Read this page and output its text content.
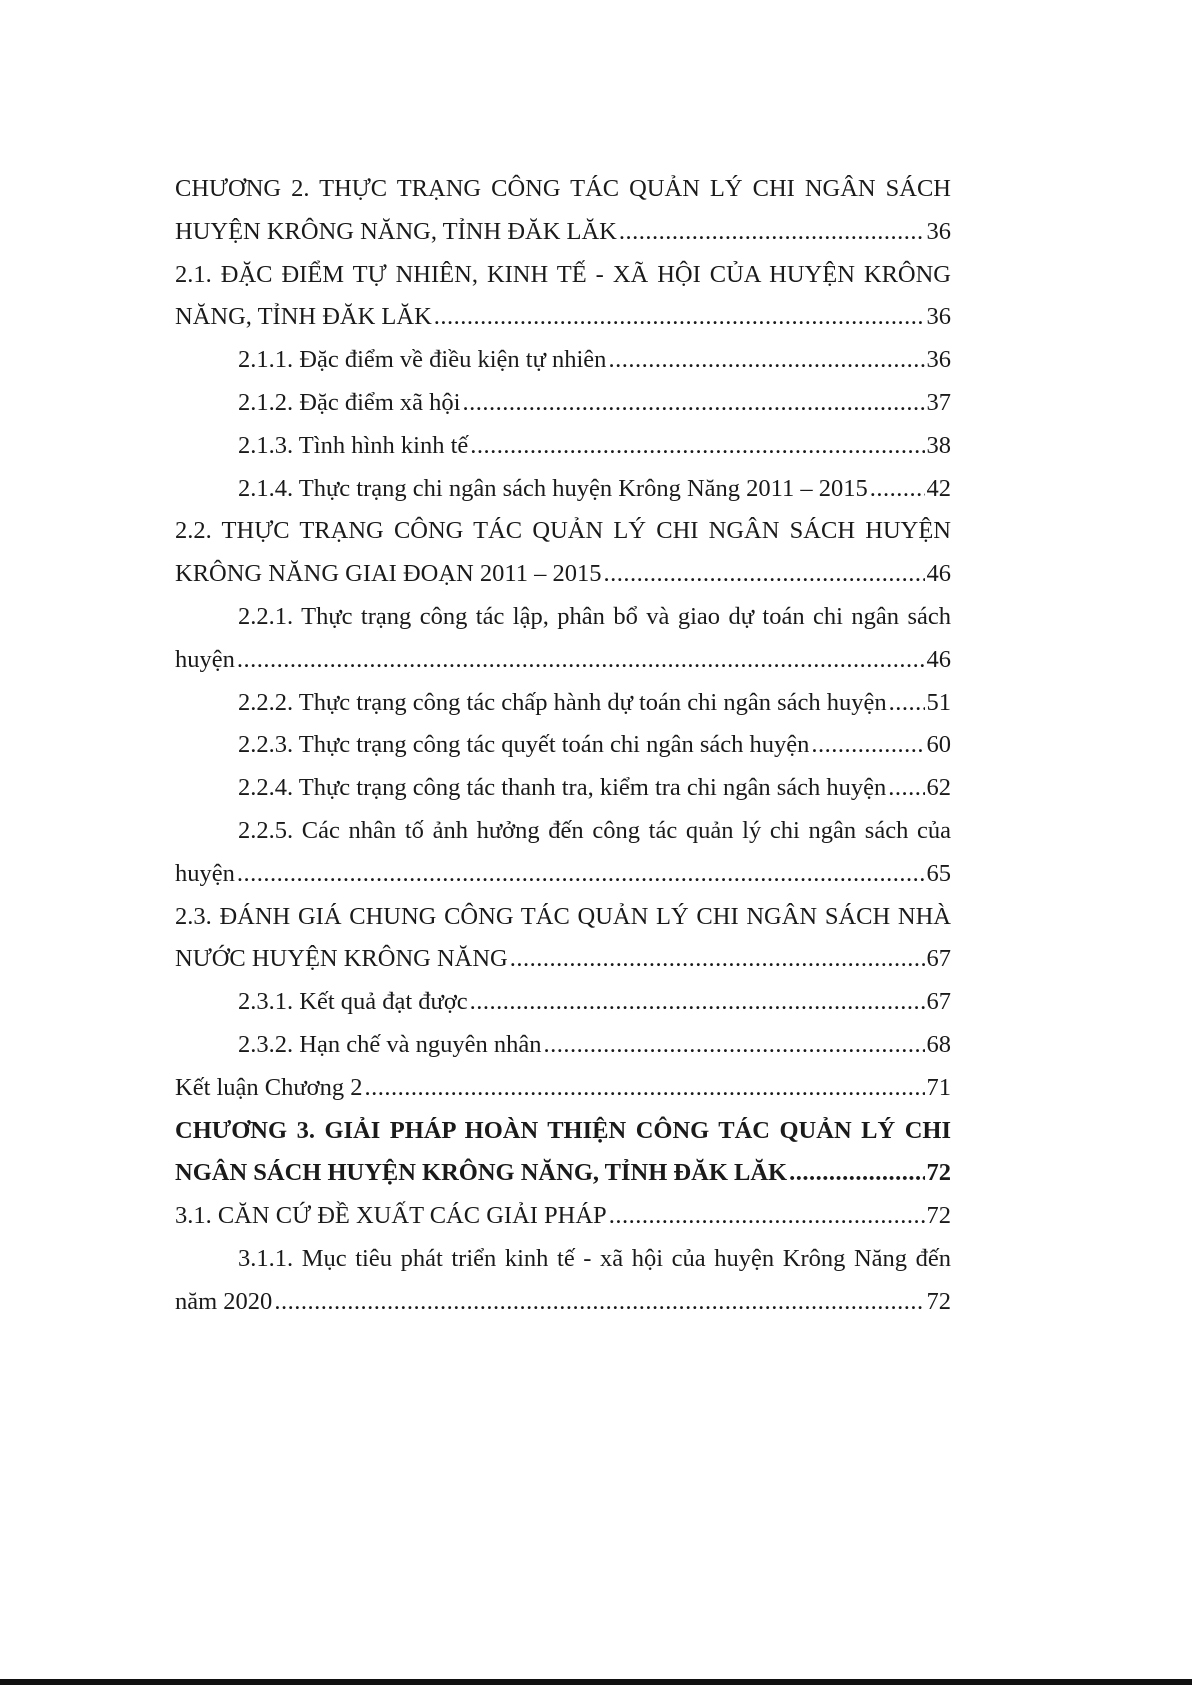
CHƯƠNG 2. THỰC TRẠNG CÔNG TÁC QUẢN LÝ CHI NGÂN SÁCH
HUYỆN KRÔNG NĂNG, TỈNH ĐĂK LĂK .....	36
2.1. ĐẶC ĐIỂM TỰ NHIÊN, KINH TẾ - XÃ HỘI CỦA HUYỆN KRÔNG
NĂNG, TỈNH ĐĂK LĂK .....	36
2.1.1. Đặc điểm về điều kiện tự nhiên .....	36
2.1.2. Đặc điểm xã hội .....	37
2.1.3. Tình hình kinh tế .....	38
2.1.4. Thực trạng chi ngân sách huyện Krông Năng 2011 – 2015 ..... 42
2.2. THỰC TRẠNG CÔNG TÁC QUẢN LÝ CHI NGÂN SÁCH HUYỆN
KRÔNG NĂNG GIAI ĐOẠN 2011 – 2015 .....	46
2.2.1. Thực trạng công tác lập, phân bổ và giao dự toán chi ngân sách
huyện .....	46
2.2.2. Thực trạng công tác chấp hành dự toán chi ngân sách huyện ..... 51
2.2.3. Thực trạng công tác quyết toán chi ngân sách huyện .....	60
2.2.4. Thực trạng công tác thanh tra, kiểm tra chi ngân sách huyện ..... 62
2.2.5. Các nhân tố ảnh hưởng đến công tác quản lý chi ngân sách của
huyện .....	65
2.3. ĐÁNH GIÁ CHUNG CÔNG TÁC QUẢN LÝ CHI NGÂN SÁCH NHÀ
NƯỚC HUYỆN KRÔNG NĂNG .....	67
2.3.1. Kết quả đạt được .....	67
2.3.2. Hạn chế và nguyên nhân .....	68
Kết luận Chương 2 .....	71
CHƯƠNG 3. GIẢI PHÁP HOÀN THIỆN CÔNG TÁC QUẢN LÝ CHI
NGÂN SÁCH HUYỆN KRÔNG NĂNG, TỈNH ĐĂK LĂK .....	72
3.1. CĂN CỨ ĐỀ XUẤT CÁC GIẢI PHÁP .....	72
3.1.1. Mục tiêu phát triển kinh tế - xã hội của huyện Krông Năng đến
năm 2020 .....	72
